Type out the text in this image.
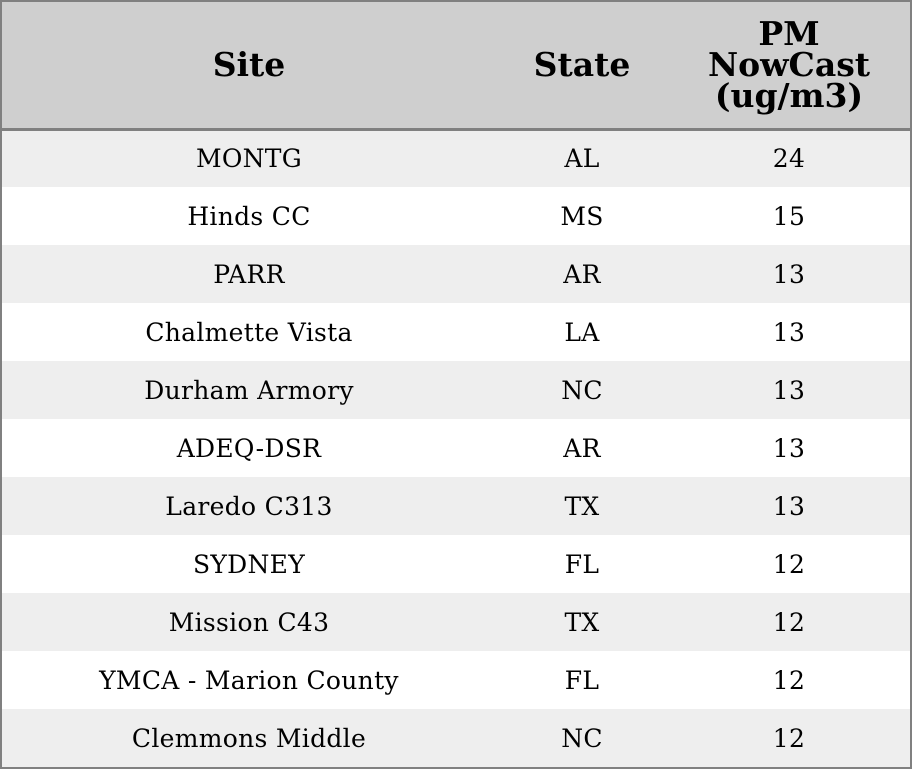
Site	State	PM
NowCast
(ug/m3)

MONTG	AL	24
Hinds CC	MS	15
PARR	AR	13
Chalmette Vista	LA	13
Durham Armory	NC	13
ADEQ-DSR	AR	13
Laredo C313	TX	13
SYDNEY	FL	12
Mission C43	TX	12
YMCA - Marion County	FL	12
Clemmons Middle	NC	12
